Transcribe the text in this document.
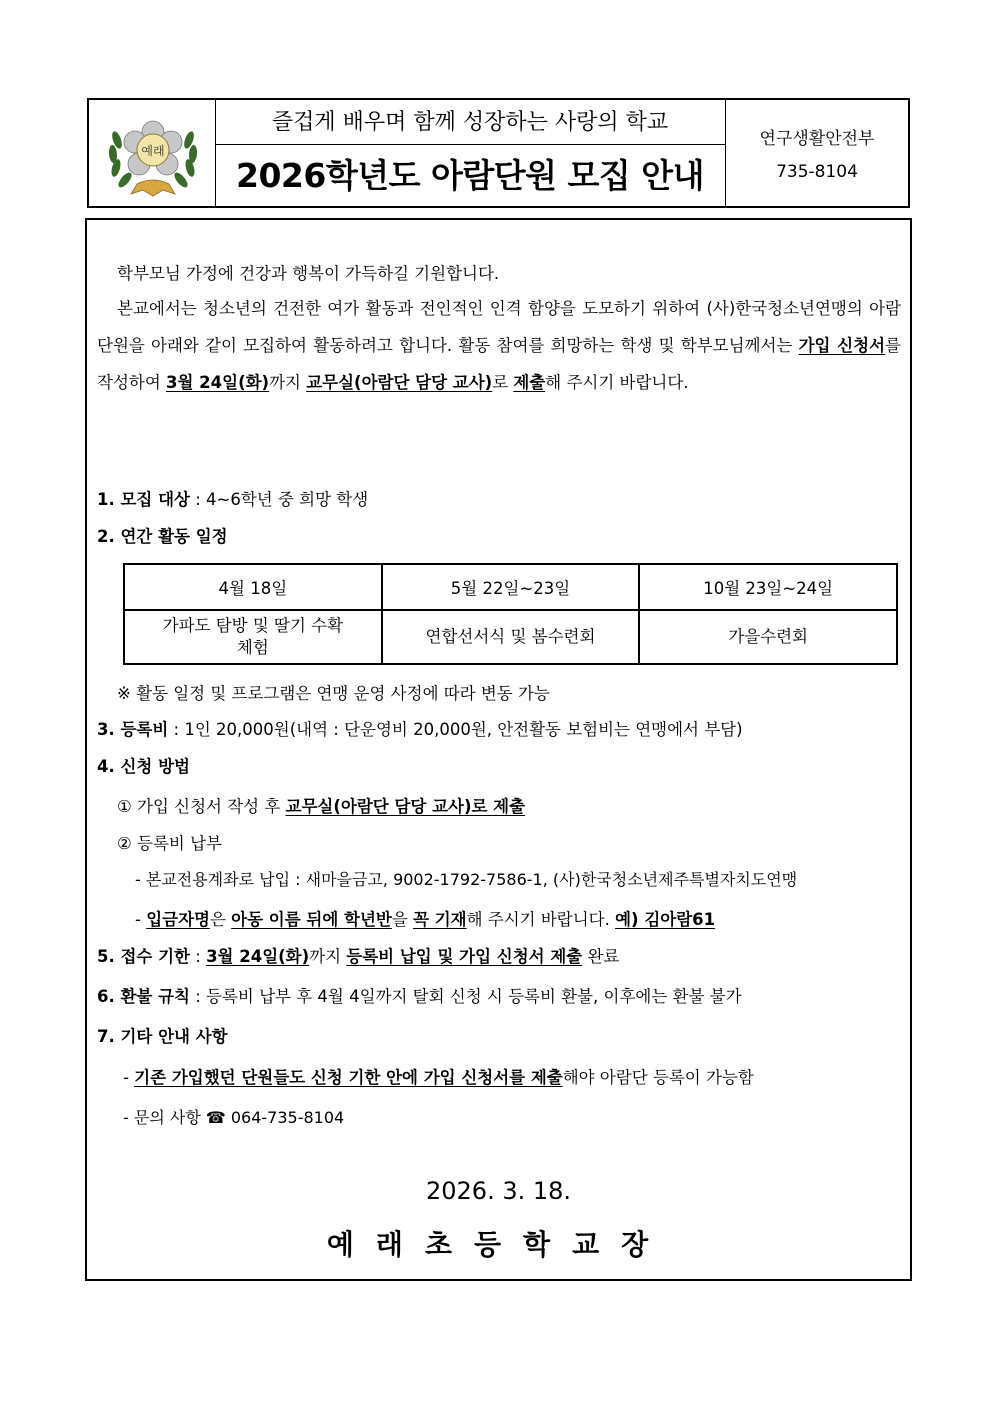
예래
즐겁게 배우며 함께 성장하는 사랑의 학교
2026학년도 아람단원 모집 안내
연구생활안전부
735-8104
학부모님 가정에 건강과 행복이 가득하길 기원합니다.
본교에서는 청소년의 건전한 여가 활동과 전인적인 인격 함양을 도모하기 위하여 (사)한국청소년연맹의 아람단원을 아래와 같이 모집하여 활동하려고 합니다. 활동 참여를 희망하는 학생 및 학부모님께서는 가입 신청서를 작성하여 3월 24일(화)까지 교무실(아람단 담당 교사)로 제출해 주시기 바랍니다.
1. 모집 대상 : 4~6학년 중 희망 학생
2. 연간 활동 일정
4월 18일	5월 22일~23일	10월 23일~24일
가파도 탐방 및 딸기 수확 체험	연합선서식 및 봄수련회	가을수련회
※ 활동 일정 및 프로그램은 연맹 운영 사정에 따라 변동 가능
3. 등록비 : 1인 20,000원(내역 : 단운영비 20,000원, 안전활동 보험비는 연맹에서 부담)
4. 신청 방법
① 가입 신청서 작성 후 교무실(아람단 담당 교사)로 제출
② 등록비 납부
- 본교전용계좌로 납입 : 새마을금고, 9002-1792-7586-1, (사)한국청소년제주특별자치도연맹
- 입금자명은 아동 이름 뒤에 학년반을 꼭 기재해 주시기 바랍니다. 예) 김아람61
5. 접수 기한 : 3월 24일(화)까지 등록비 납입 및 가입 신청서 제출 완료
6. 환불 규칙 : 등록비 납부 후 4월 4일까지 탈회 신청 시 등록비 환불, 이후에는 환불 불가
7. 기타 안내 사항
- 기존 가입했던 단원들도 신청 기한 안에 가입 신청서를 제출해야 아람단 등록이 가능함
- 문의 사항 ☎ 064-735-8104
2026. 3. 18.
예래초등학교장
